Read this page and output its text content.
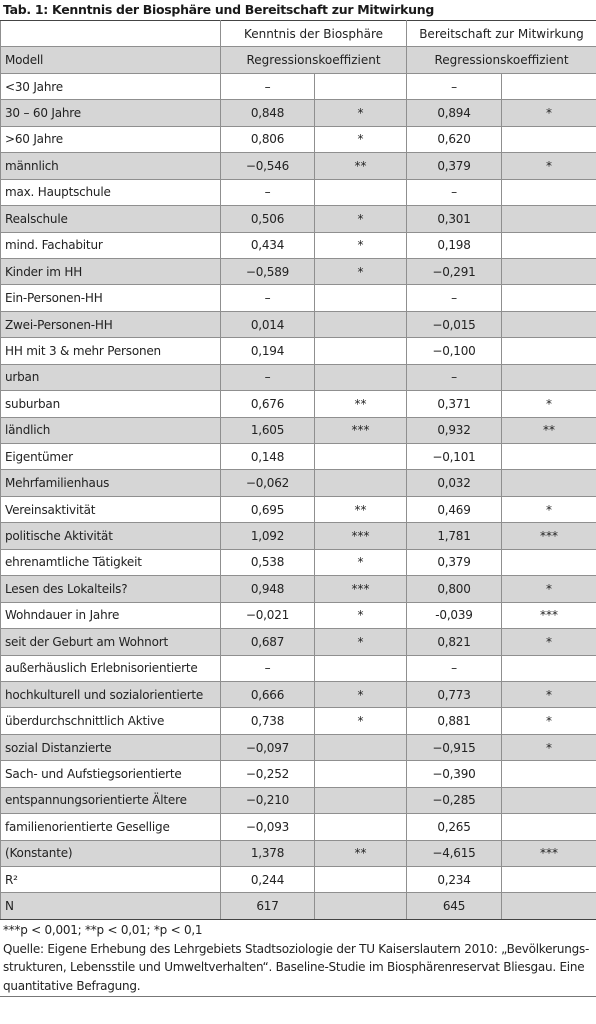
Tab. 1: Kenntnis der Biosphäre und Bereitschaft zur Mitwirkung
	Kenntnis der Biosphäre		Bereitschaft zur Mitwirkung	
Modell	Regressionskoeffizient		Regressionskoeffizient	
<30 Jahre	–		–	
30 – 60 Jahre	0,848	*	0,894	*
>60 Jahre	0,806	*	0,620	
männlich	−0,546	**	0,379	*
max. Hauptschule	–		–	
Realschule	0,506	*	0,301	
mind. Fachabitur	0,434	*	0,198	
Kinder im HH	−0,589	*	−0,291	
Ein-Personen-HH	–		–	
Zwei-Personen-HH	0,014		−0,015	
HH mit 3 & mehr Personen	0,194		−0,100	
urban	–		–	
suburban	0,676	**	0,371	*
ländlich	1,605	***	0,932	**
Eigentümer	0,148		−0,101	
Mehrfamilienhaus	−0,062		0,032	
Vereinsaktivität	0,695	**	0,469	*
politische Aktivität	1,092	***	1,781	***
ehrenamtliche Tätigkeit	0,538	*	0,379	
Lesen des Lokalteils?	0,948	***	0,800	*
Wohndauer in Jahre	−0,021	*	-0,039	***
seit der Geburt am Wohnort	0,687	*	0,821	*
außerhäuslich Erlebnisorientierte	–		–	
hochkulturell und sozialorientierte	0,666	*	0,773	*
überdurchschnittlich Aktive	0,738	*	0,881	*
sozial Distanzierte	−0,097		−0,915	*
Sach- und Aufstiegsorientierte	−0,252		−0,390	
entspannungsorientierte Ältere	−0,210		−0,285	
familienorientierte Gesellige	−0,093		0,265	
(Konstante)	1,378	**	−4,615	***
R²	0,244		0,234	
N	617		645	
***p < 0,001; **p < 0,01; *p < 0,1
Quelle: Eigene Erhebung des Lehrgebiets Stadtsoziologie der TU Kaiserslautern 2010: „Bevölkerungs-
strukturen, Lebensstile und Umweltverhalten“. Baseline-Studie im Biosphärenreservat Bliesgau. Eine
quantitative Befragung.
